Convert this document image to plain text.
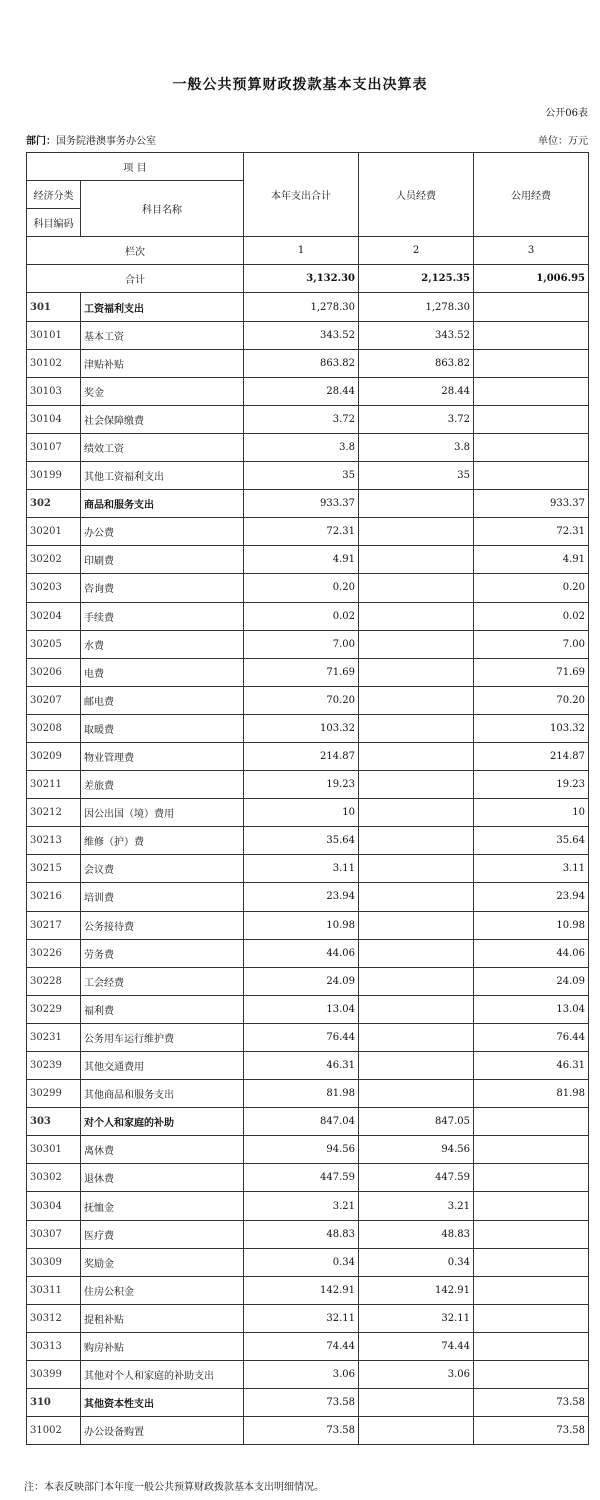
一般公共预算财政拨款基本支出决算表
公开06表
部门：国务院港澳事务办公室	单位：万元
项 目		本年支出合计	人员经费	公用经费
经济分类	科目名称			
科目编码				
栏次		1	2	3
合计		3,132.30	2,125.35	1,006.95
301	工资福利支出	1,278.30	1,278.30	
30101	基本工资	343.52	343.52	
30102	津贴补贴	863.82	863.82	
30103	奖金	28.44	28.44	
30104	社会保障缴费	3.72	3.72	
30107	绩效工资	3.8	3.8	
30199	其他工资福利支出	35	35	
302	商品和服务支出	933.37		933.37
30201	办公费	72.31		72.31
30202	印刷费	4.91		4.91
30203	咨询费	0.20		0.20
30204	手续费	0.02		0.02
30205	水费	7.00		7.00
30206	电费	71.69		71.69
30207	邮电费	70.20		70.20
30208	取暖费	103.32		103.32
30209	物业管理费	214.87		214.87
30211	差旅费	19.23		19.23
30212	因公出国（境）费用	10		10
30213	维修（护）费	35.64		35.64
30215	会议费	3.11		3.11
30216	培训费	23.94		23.94
30217	公务接待费	10.98		10.98
30226	劳务费	44.06		44.06
30228	工会经费	24.09		24.09
30229	福利费	13.04		13.04
30231	公务用车运行维护费	76.44		76.44
30239	其他交通费用	46.31		46.31
30299	其他商品和服务支出	81.98		81.98
303	对个人和家庭的补助	847.04	847.05	
30301	离休费	94.56	94.56	
30302	退休费	447.59	447.59	
30304	抚恤金	3.21	3.21	
30307	医疗费	48.83	48.83	
30309	奖励金	0.34	0.34	
30311	住房公积金	142.91	142.91	
30312	提租补贴	32.11	32.11	
30313	购房补贴	74.44	74.44	
30399	其他对个人和家庭的补助支出	3.06	3.06	
310	其他资本性支出	73.58		73.58
31002	办公设备购置	73.58		73.58
注：本表反映部门本年度一般公共预算财政拨款基本支出明细情况。
